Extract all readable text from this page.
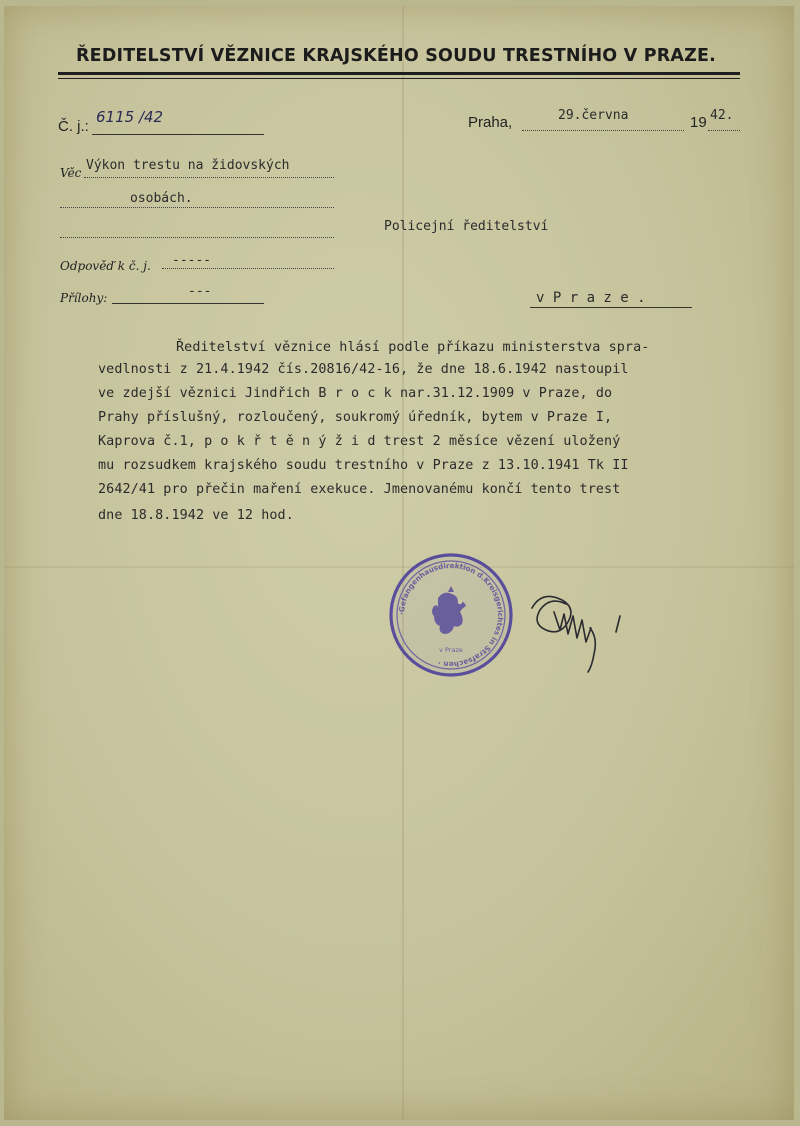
ŘEDITELSTVÍ VĚZNICE KRAJSKÉHO SOUDU TRESTNÍHO V PRAZE.
Č. j.:
6115 /42	Praha,	29.června	19 42.
Věc Výkon trestu na židovských
osobách.
Policejní ředitelství
Odpověď k č. j. -----
Přílohy:	---	v P r a z e .
Ředitelství věznice hlásí podle příkazu ministerstva spra-
vedlnosti z 21.4.1942 čís.20816/42-16, že dne 18.6.1942 nastoupil
ve zdejší věznici Jindřich B r o c k nar.31.12.1909 v Praze, do
Prahy příslušný, rozloučený, soukromý úředník, bytem v Praze I,
Kaprova č.1, p o k ř t ě n ý ž i d trest 2 měsíce vězení uložený
mu rozsudkem krajského soudu trestního v Praze z 13.10.1941 Tk II
2642/41 pro přečin maření exekuce. Jmenovanému končí tento trest
dne 18.8.1942 ve 12 hod.
·Gefangenhausdirektion d.Kreisgerichtes in Strafsachen ·
v Praze
